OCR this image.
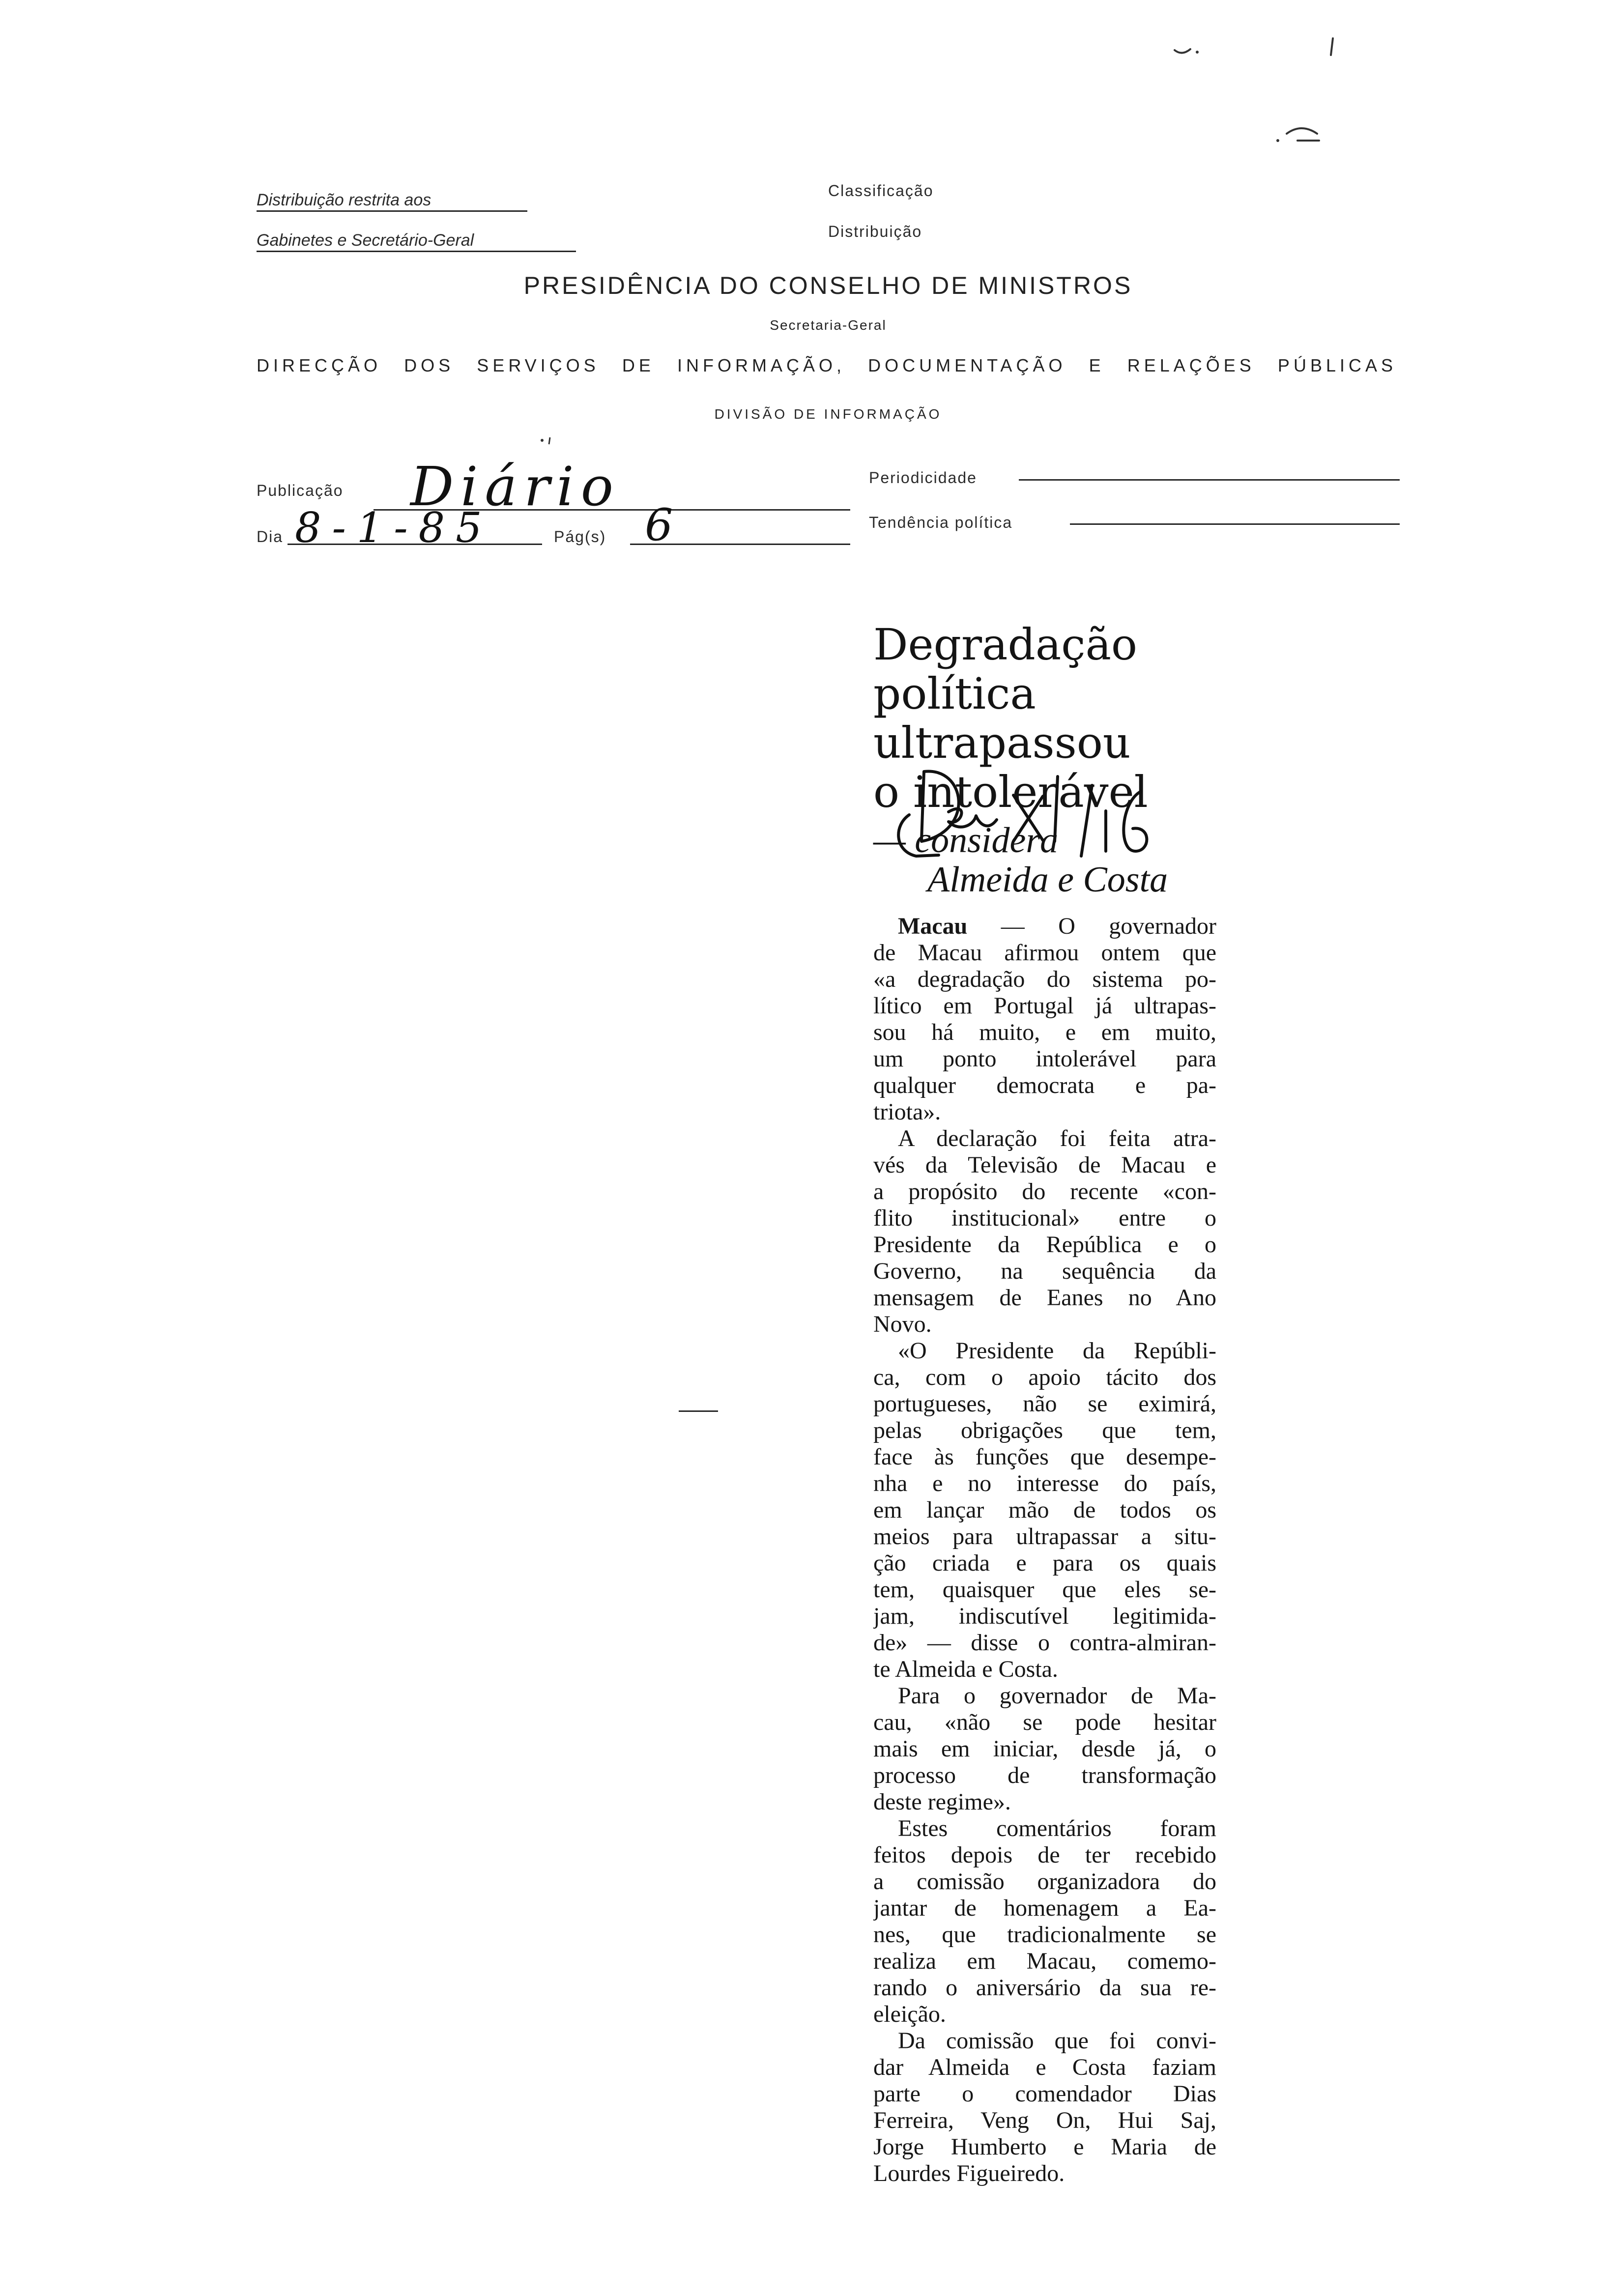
Distribuição restrita aos
Gabinetes e Secretário-Geral
Classificação
Distribuição
PRESIDÊNCIA DO CONSELHO DE MINISTROS
Secretaria-Geral
DIRECÇÃO DOS SERVIÇOS DE INFORMAÇÃO, DOCUMENTAÇÃO E RELAÇÕES PÚBLICAS
DIVISÃO DE INFORMAÇÃO
Publicação Diário	Periodicidade
Dia 8-1-85	Pág(s) 6	Tendência política
Degradação
política
ultrapassou
o intolerável
— considera
Almeida e Costa
Macau — O governador
de Macau afirmou ontem que
«a degradação do sistema po-
lítico em Portugal já ultrapas-
sou há muito, e em muito,
um ponto intolerável para
qualquer democrata e pa-
triota».
A declaração foi feita atra-
vés da Televisão de Macau e
a propósito do recente «con-
flito institucional» entre o
Presidente da República e o
Governo, na sequência da
mensagem de Eanes no Ano
Novo.
«O Presidente da Repúbli-
ca, com o apoio tácito dos
portugueses, não se eximirá,
pelas obrigações que tem,
face às funções que desempe-
nha e no interesse do país,
em lançar mão de todos os
meios para ultrapassar a situ-
ção criada e para os quais
tem, quaisquer que eles se-
jam, indiscutível legitimida-
de» — disse o contra-almiran-
te Almeida e Costa.
Para o governador de Ma-
cau, «não se pode hesitar
mais em iniciar, desde já, o
processo de transformação
deste regime».
Estes comentários foram
feitos depois de ter recebido
a comissão organizadora do
jantar de homenagem a Ea-
nes, que tradicionalmente se
realiza em Macau, comemo-
rando o aniversário da sua re-
eleição.
Da comissão que foi convi-
dar Almeida e Costa faziam
parte o comendador Dias
Ferreira, Veng On, Hui Saj,
Jorge Humberto e Maria de
Lourdes Figueiredo.
